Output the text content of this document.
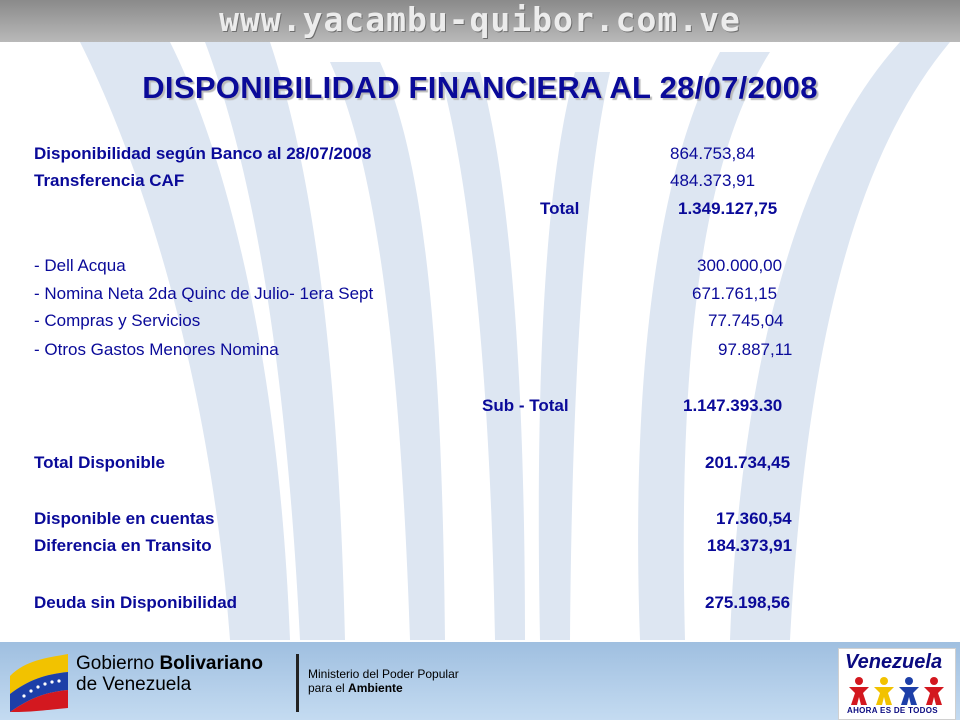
www.yacambu-quibor.com.ve
DISPONIBILIDAD FINANCIERA AL 28/07/2008
Disponibilidad según Banco al 28/07/2008	864.753,84
Transferencia CAF	484.373,91
Total	1.349.127,75
- Dell Acqua	300.000,00
- Nomina Neta 2da Quinc de Julio- 1era Sept	671.761,15
- Compras y Servicios	77.745,04
- Otros Gastos Menores Nomina	97.887,11
Sub - Total	1.147.393.30
Total Disponible	201.734,45
Disponible en cuentas	17.360,54
Diferencia en Transito	184.373,91
Deuda sin Disponibilidad	275.198,56
Gobierno Bolivariano
de Venezuela	Ministerio del Poder Popular
para el Ambiente
Venezuela
AHORA ES DE TODOS
